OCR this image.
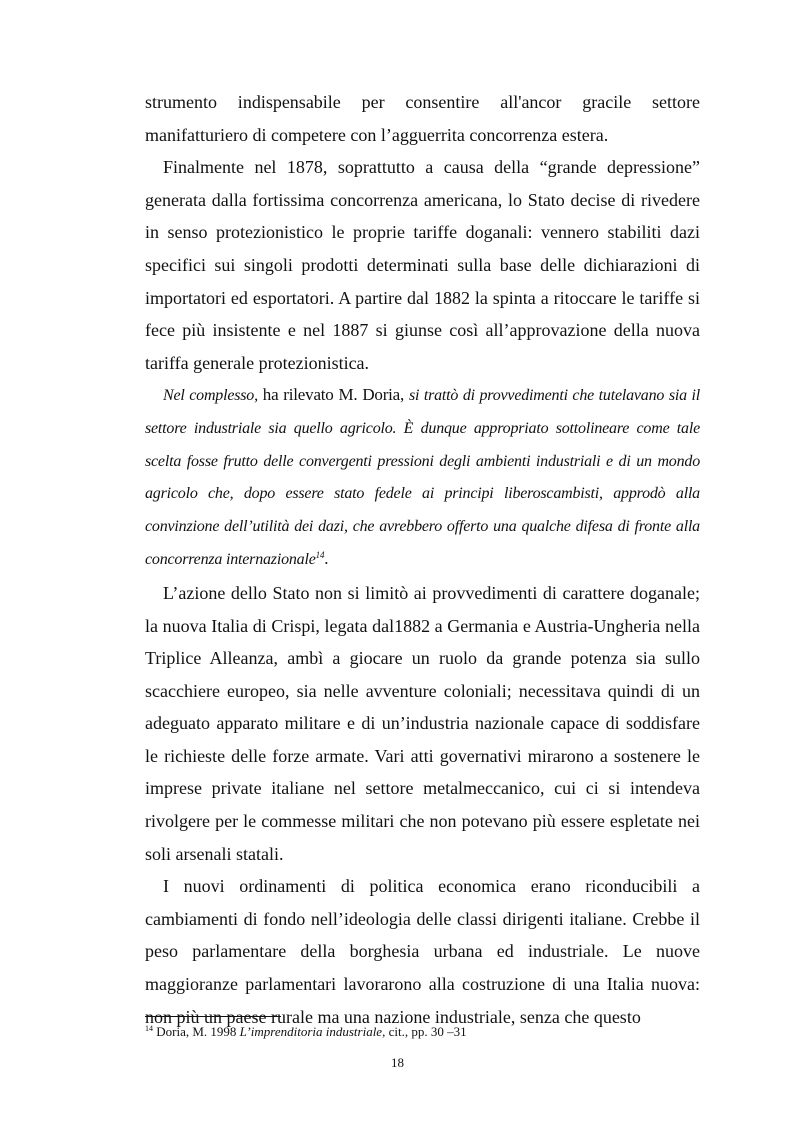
strumento indispensabile per consentire all'ancor gracile settore manifatturiero di competere con l’agguerrita concorrenza estera.

Finalmente nel 1878, soprattutto a causa della “grande depressione” generata dalla fortissima concorrenza americana, lo Stato decise di rivedere in senso protezionistico le proprie tariffe doganali: vennero stabiliti dazi specifici sui singoli prodotti determinati sulla base delle dichiarazioni di importatori ed esportatori. A partire dal 1882 la spinta a ritoccare le tariffe si fece più insistente e nel 1887 si giunse così all’approvazione della nuova tariffa generale protezionistica.

Nel complesso, ha rilevato M. Doria, si trattò di provvedimenti che tutelavano sia il settore industriale sia quello agricolo. È dunque appropriato sottolineare come tale scelta fosse frutto delle convergenti pressioni degli ambienti industriali e di un mondo agricolo che, dopo essere stato fedele ai principi liberoscambisti, approdò alla convinzione dell’utilità dei dazi, che avrebbero offerto una qualche difesa di fronte alla concorrenza internazionale$^{14}$.

L’azione dello Stato non si limitò ai provvedimenti di carattere doganale; la nuova Italia di Crispi, legata dal1882 a Germania e Austria-Ungheria nella Triplice Alleanza, ambì a giocare un ruolo da grande potenza sia sullo scacchiere europeo, sia nelle avventure coloniali; necessitava quindi di un adeguato apparato militare e di un’industria nazionale capace di soddisfare le richieste delle forze armate. Vari atti governativi mirarono a sostenere le imprese private italiane nel settore metalmeccanico, cui ci si intendeva rivolgere per le commesse militari che non potevano più essere espletate nei soli arsenali statali.

I nuovi ordinamenti di politica economica erano riconducibili a cambiamenti di fondo nell’ideologia delle classi dirigenti italiane. Crebbe il peso parlamentare della borghesia urbana ed industriale. Le nuove maggioranze parlamentari lavorarono alla costruzione di una Italia nuova: non più un paese rurale ma una nazione industriale, senza che questo

$^{14}$ Doria, M. 1998 L’imprenditoria industriale, cit., pp. 30 –31
18
